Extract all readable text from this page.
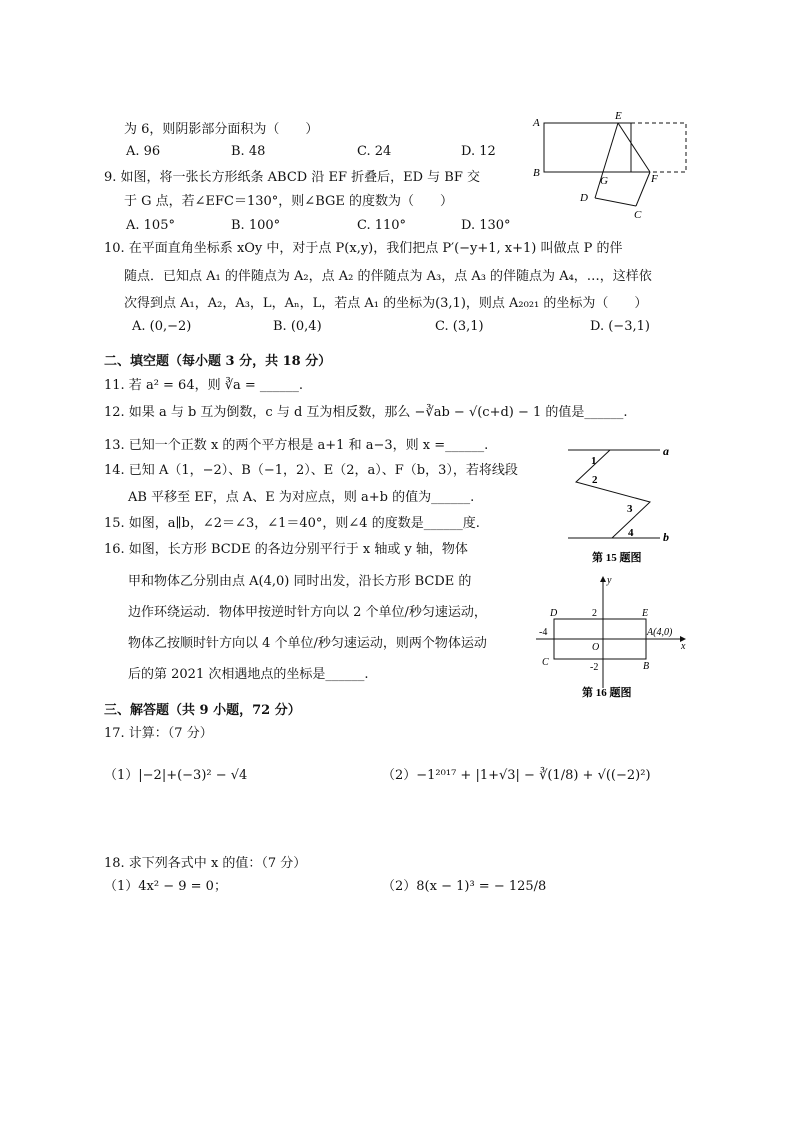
为 6，则阴影部分面积为（　　）
A. 96	B. 48	C. 24	D. 12
9. 如图，将一张长方形纸条 ABCD 沿 EF 折叠后，ED 与 BF 交
于 G 点，若∠EFC＝130°，则∠BGE 的度数为（　　）
A. 105°	B. 100°	C. 110°	D. 130°
10. 在平面直角坐标系 xOy 中，对于点 P(x,y)，我们把点 P′(−y+1, x+1) 叫做点 P 的伴
随点．已知点 A₁ 的伴随点为 A₂，点 A₂ 的伴随点为 A₃，点 A₃ 的伴随点为 A₄，…，这样依
次得到点 A₁，A₂，A₃，L，Aₙ，L，若点 A₁ 的坐标为(3,1)，则点 A₂₀₂₁ 的坐标为（　　）
A. (0,−2)	B. (0,4)	C. (3,1)	D. (−3,1)
二、填空题（每小题 3 分，共 18 分）
11. 若 a² = 64，则 ∛a = ______.
12. 如果 a 与 b 互为倒数，c 与 d 互为相反数，那么 −∛ab − √(c+d) − 1 的值是______.
13. 已知一个正数 x 的两个平方根是 a+1 和 a−3，则 x =______.
14. 已知 A（1，−2）、B（−1，2）、E（2，a）、F（b，3），若将线段
AB 平移至 EF，点 A、E 为对应点，则 a+b 的值为______.
15. 如图，a∥b，∠2＝∠3，∠1＝40°，则∠4 的度数是______度.
16. 如图，长方形 BCDE 的各边分别平行于 x 轴或 y 轴，物体
甲和物体乙分别由点 A(4,0) 同时出发，沿长方形 BCDE 的
边作环绕运动．物体甲按逆时针方向以 2 个单位/秒匀速运动，
物体乙按顺时针方向以 4 个单位/秒匀速运动，则两个物体运动
后的第 2021 次相遇地点的坐标是______.
三、解答题（共 9 小题，72 分）
17. 计算：（7 分）
（1）|−2|+(−3)² − √4	（2）−1²⁰¹⁷ + |1+√3| − ∛(1/8) + √((−2)²)
18. 求下列各式中 x 的值：（7 分）
（1）4x² − 9 = 0；	（2）8(x − 1)³ = − 125/8
A
B
E
F
G
D
C
a
b
1
2
3
4
第 15 题图
y
x
D	E
C	B
O
A(4,0)
2
-4
-2
第 16 题图
